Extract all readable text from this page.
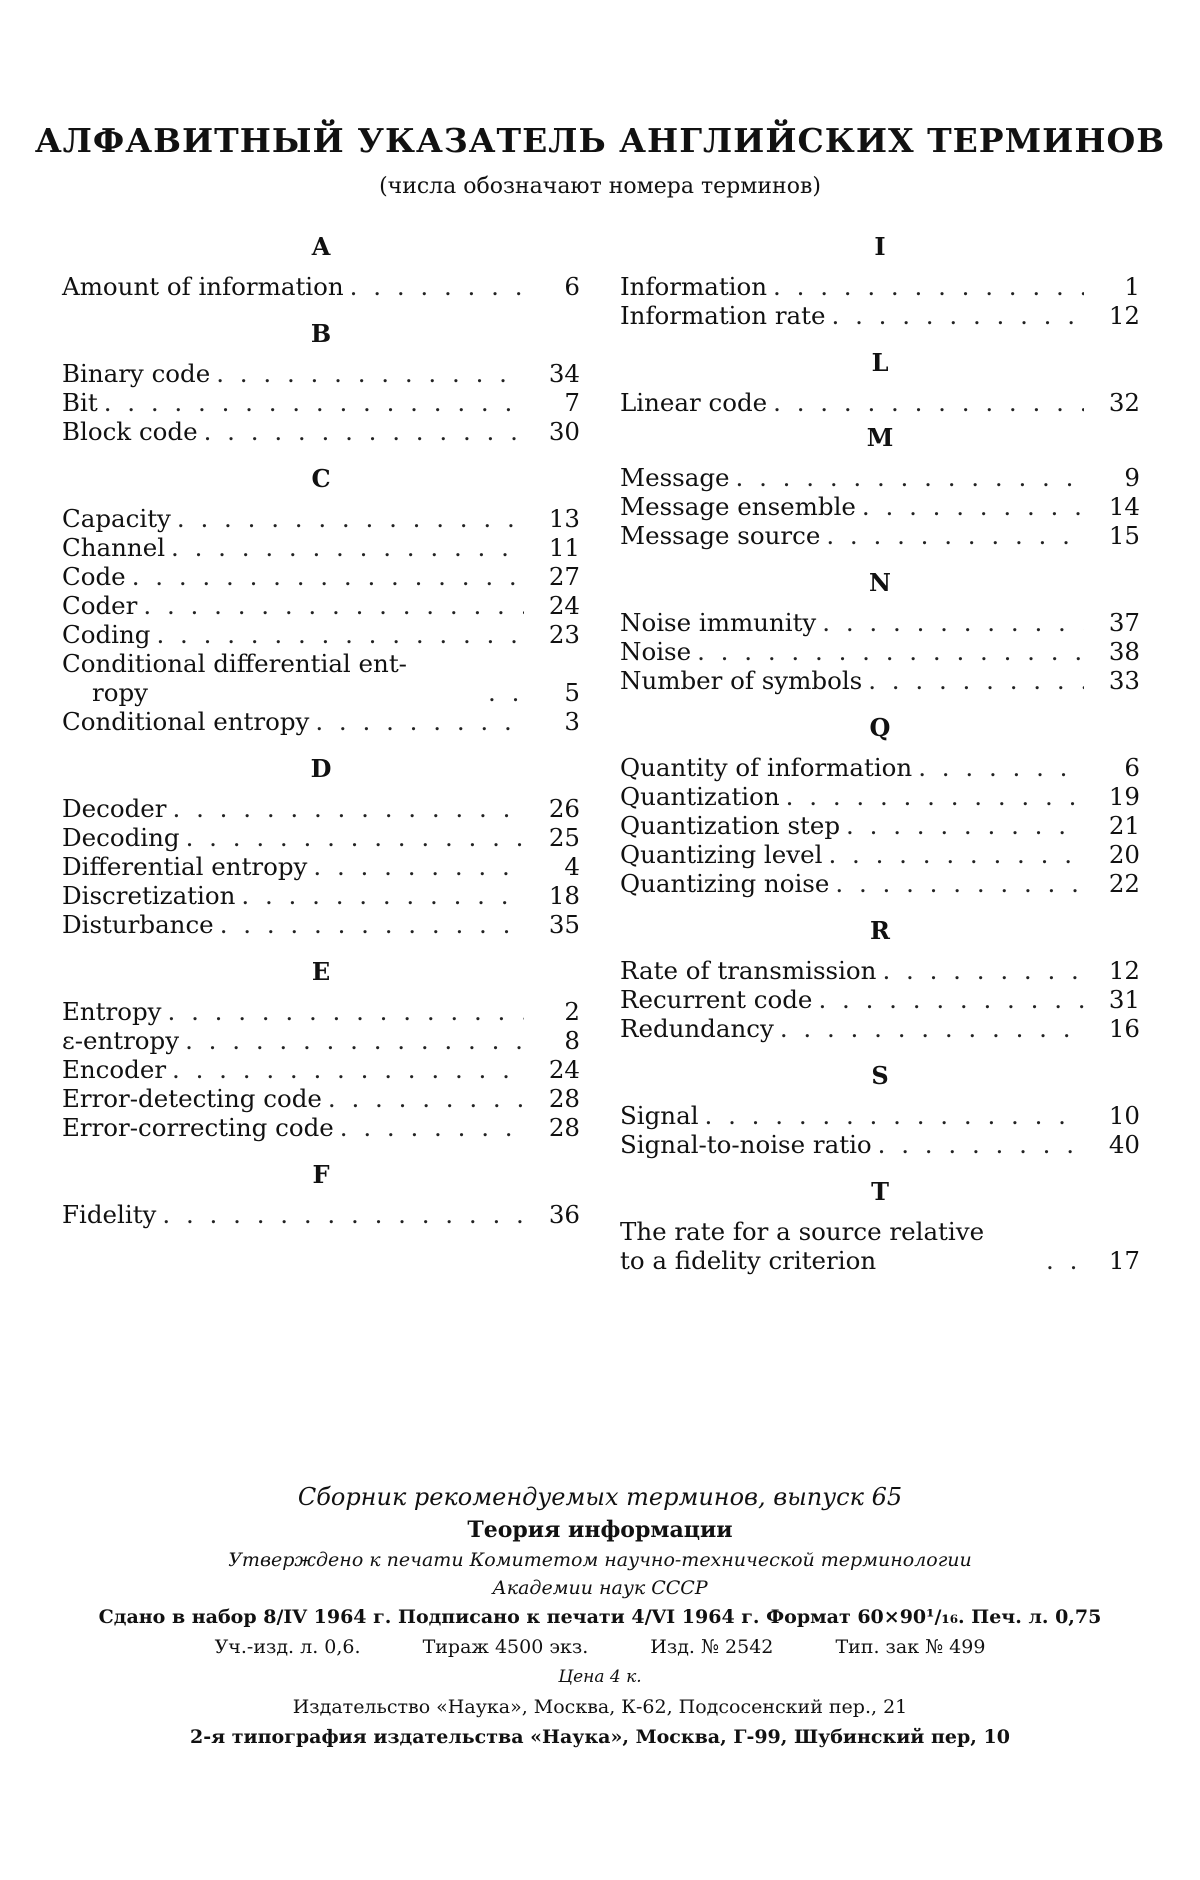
АЛФАВИТНЫЙ УКАЗАТЕЛЬ АНГЛИЙСКИХ ТЕРМИНОВ
(числа обозначают номера терминов)
A
Amount of information . . .	6
B
Binary code . . .	34
Bit . . .	7
Block code . . .	30
C
Capacity . . .	13
Channel . . .	11
Code . . .	27
Coder . . .	24
Coding . . .	23
Conditional differential ent-
ropy . . .	5
Conditional entropy . . .	3
D
Decoder . . .	26
Decoding . . .	25
Differential entropy . . .	4
Discretization . . .	18
Disturbance . . .	35
E
Entropy . . .	2
ε-entropy . . .	8
Encoder . . .	24
Error-detecting code . . .	28
Error-correcting code . . .	28
F
Fidelity . . .	36
I
Information . . .	1
Information rate . . .	12
L
Linear code . . .	32
M
Message . . .	9
Message ensemble . . .	14
Message source . . .	15
N
Noise immunity . . .	37
Noise . . .	38
Number of symbols . . .	33
Q
Quantity of information . . .	6
Quantization . . .	19
Quantization step . . .	21
Quantizing level . . .	20
Quantizing noise . . .	22
R
Rate of transmission . . .	12
Recurrent code . . .	31
Redundancy . . .	16
S
Signal . . .	10
Signal-to-noise ratio . . .	40
T
The rate for a source relative
to a fidelity criterion . . .	17
Сборник рекомендуемых терминов, выпуск 65
Теория информации
Утверждено к печати Комитетом научно-технической терминологии
Академии наук СССР
Сдано в набор 8/IV 1964 г. Подписано к печати 4/VI 1964 г. Формат 60×90¹/₁₆. Печ. л. 0,75
Уч.-изд. л. 0,6.	Тираж 4500 экз.	Изд. № 2542	Тип. зак № 499
Цена 4 к.
Издательство «Наука», Москва, К-62, Подсосенский пер., 21
2-я типография издательства «Наука», Москва, Г-99, Шубинский пер, 10
